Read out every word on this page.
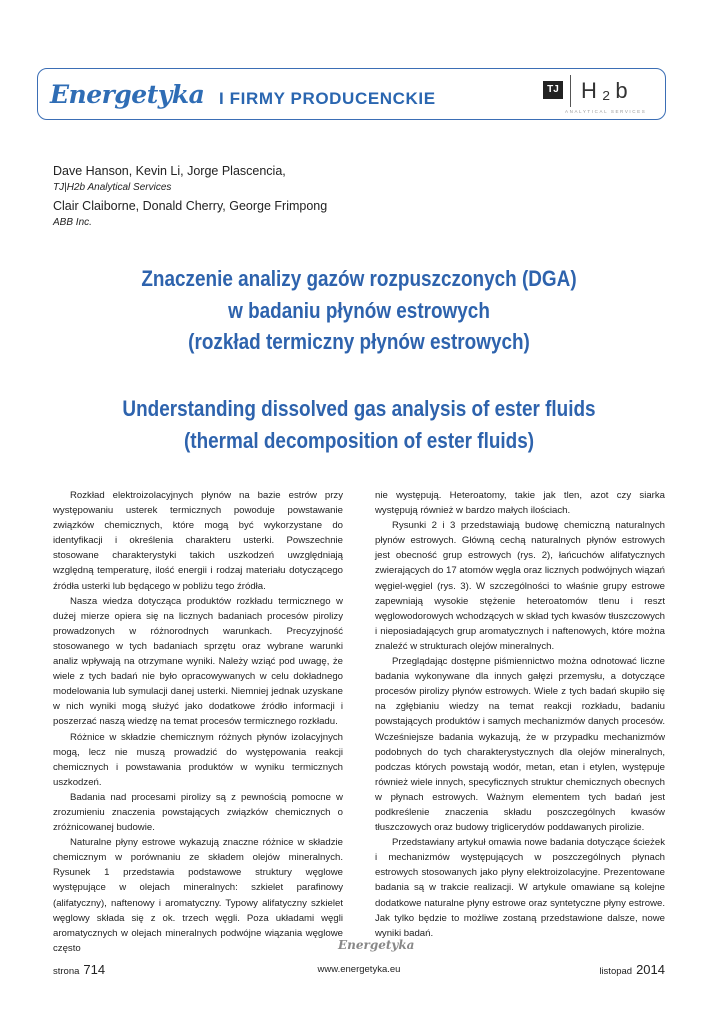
Energetyka I FIRMY PRODUCENCKIE	TJ H₂b
ANALYTICAL SERVICES
Dave Hanson, Kevin Li, Jorge Plascencia,
TJ|H2b Analytical Services
Clair Claiborne, Donald Cherry, George Frimpong
ABB Inc.
Znaczenie analizy gazów rozpuszczonych (DGA)
w badaniu płynów estrowych
(rozkład termiczny płynów estrowych)
Understanding dissolved gas analysis of ester fluids
(thermal decomposition of ester fluids)

Rozkład elektroizolacyjnych płynów na bazie estrów przy występowaniu usterek termicznych powoduje powstawanie związków chemicznych, które mogą być wykorzystane do identyfikacji i określenia charakteru usterki. Powszechnie stosowane charakterystyki takich uszkodzeń uwzględniają względną temperaturę, ilość energii i rodzaj materiału dotyczącego źródła usterki lub będącego w pobliżu tego źródła.

Nasza wiedza dotycząca produktów rozkładu termicznego w dużej mierze opiera się na licznych badaniach procesów pirolizy prowadzonych w różnorodnych warunkach. Precyzyjność stosowanego w tych badaniach sprzętu oraz wybrane warunki analiz wpływają na otrzymane wyniki. Należy wziąć pod uwagę, że wiele z tych badań nie było opracowywanych w celu dokładnego modelowania lub symulacji danej usterki. Niemniej jednak uzyskane w nich wyniki mogą służyć jako dodatkowe źródło informacji i poszerzać naszą wiedzę na temat procesów termicznego rozkładu.

Różnice w składzie chemicznym różnych płynów izolacyjnych mogą, lecz nie muszą prowadzić do występowania reakcji chemicznych i powstawania produktów w wyniku termicznych uszkodzeń.

Badania nad procesami pirolizy są z pewnością pomocne w zrozumieniu znaczenia powstających związków chemicznych o zróżnicowanej budowie.

Naturalne płyny estrowe wykazują znaczne różnice w składzie chemicznym w porównaniu ze składem olejów mineralnych. Rysunek 1 przedstawia podstawowe struktury węglowe występujące w olejach mineralnych: szkielet parafinowy (alifatyczny), naftenowy i aromatyczny. Typowy alifatyczny szkielet węglowy składa się z ok. trzech węgli. Poza układami węgli aromatycznych w olejach mineralnych podwójne wiązania węglowe często

nie występują. Heteroatomy, takie jak tlen, azot czy siarka występują również w bardzo małych ilościach.

Rysunki 2 i 3 przedstawiają budowę chemiczną naturalnych płynów estrowych. Główną cechą naturalnych płynów estrowych jest obecność grup estrowych (rys. 2), łańcuchów alifatycznych zwierających do 17 atomów węgla oraz licznych podwójnych wiązań węgiel-węgiel (rys. 3). W szczególności to właśnie grupy estrowe zapewniają wysokie stężenie heteroatomów tlenu i reszt węglowodorowych wchodzących w skład tych kwasów tłuszczowych i nieposiadających grup aromatycznych i naftenowych, które można znaleźć w strukturach olejów mineralnych.

Przeglądając dostępne piśmiennictwo można odnotować liczne badania wykonywane dla innych gałęzi przemysłu, a dotyczące procesów pirolizy płynów estrowych. Wiele z tych badań skupiło się na zgłębianiu wiedzy na temat reakcji rozkładu, badaniu powstających produktów i samych mechanizmów danych procesów. Wcześniejsze badania wykazują, że w przypadku mechanizmów podobnych do tych charakterystycznych dla olejów mineralnych, podczas których powstają wodór, metan, etan i etylen, występuje również wiele innych, specyficznych struktur chemicznych obecnych w płynach estrowych. Ważnym elementem tych badań jest podkreślenie znaczenia składu poszczególnych kwasów tłuszczowych oraz budowy triglicerydów poddawanych pirolizie.

Przedstawiany artykuł omawia nowe badania dotyczące ścieżek i mechanizmów występujących w poszczególnych płynach estrowych stosowanych jako płyny elektroizolacyjne. Prezentowane badania są w trakcie realizacji. W artykule omawiane są kolejne dodatkowe naturalne płyny estrowe oraz syntetyczne płyny estrowe. Jak tylko będzie to możliwe zostaną przedstawione dalsze, nowe wyniki badań.

Energetyka
strona 714	www.energetyka.eu	listopad 2014
